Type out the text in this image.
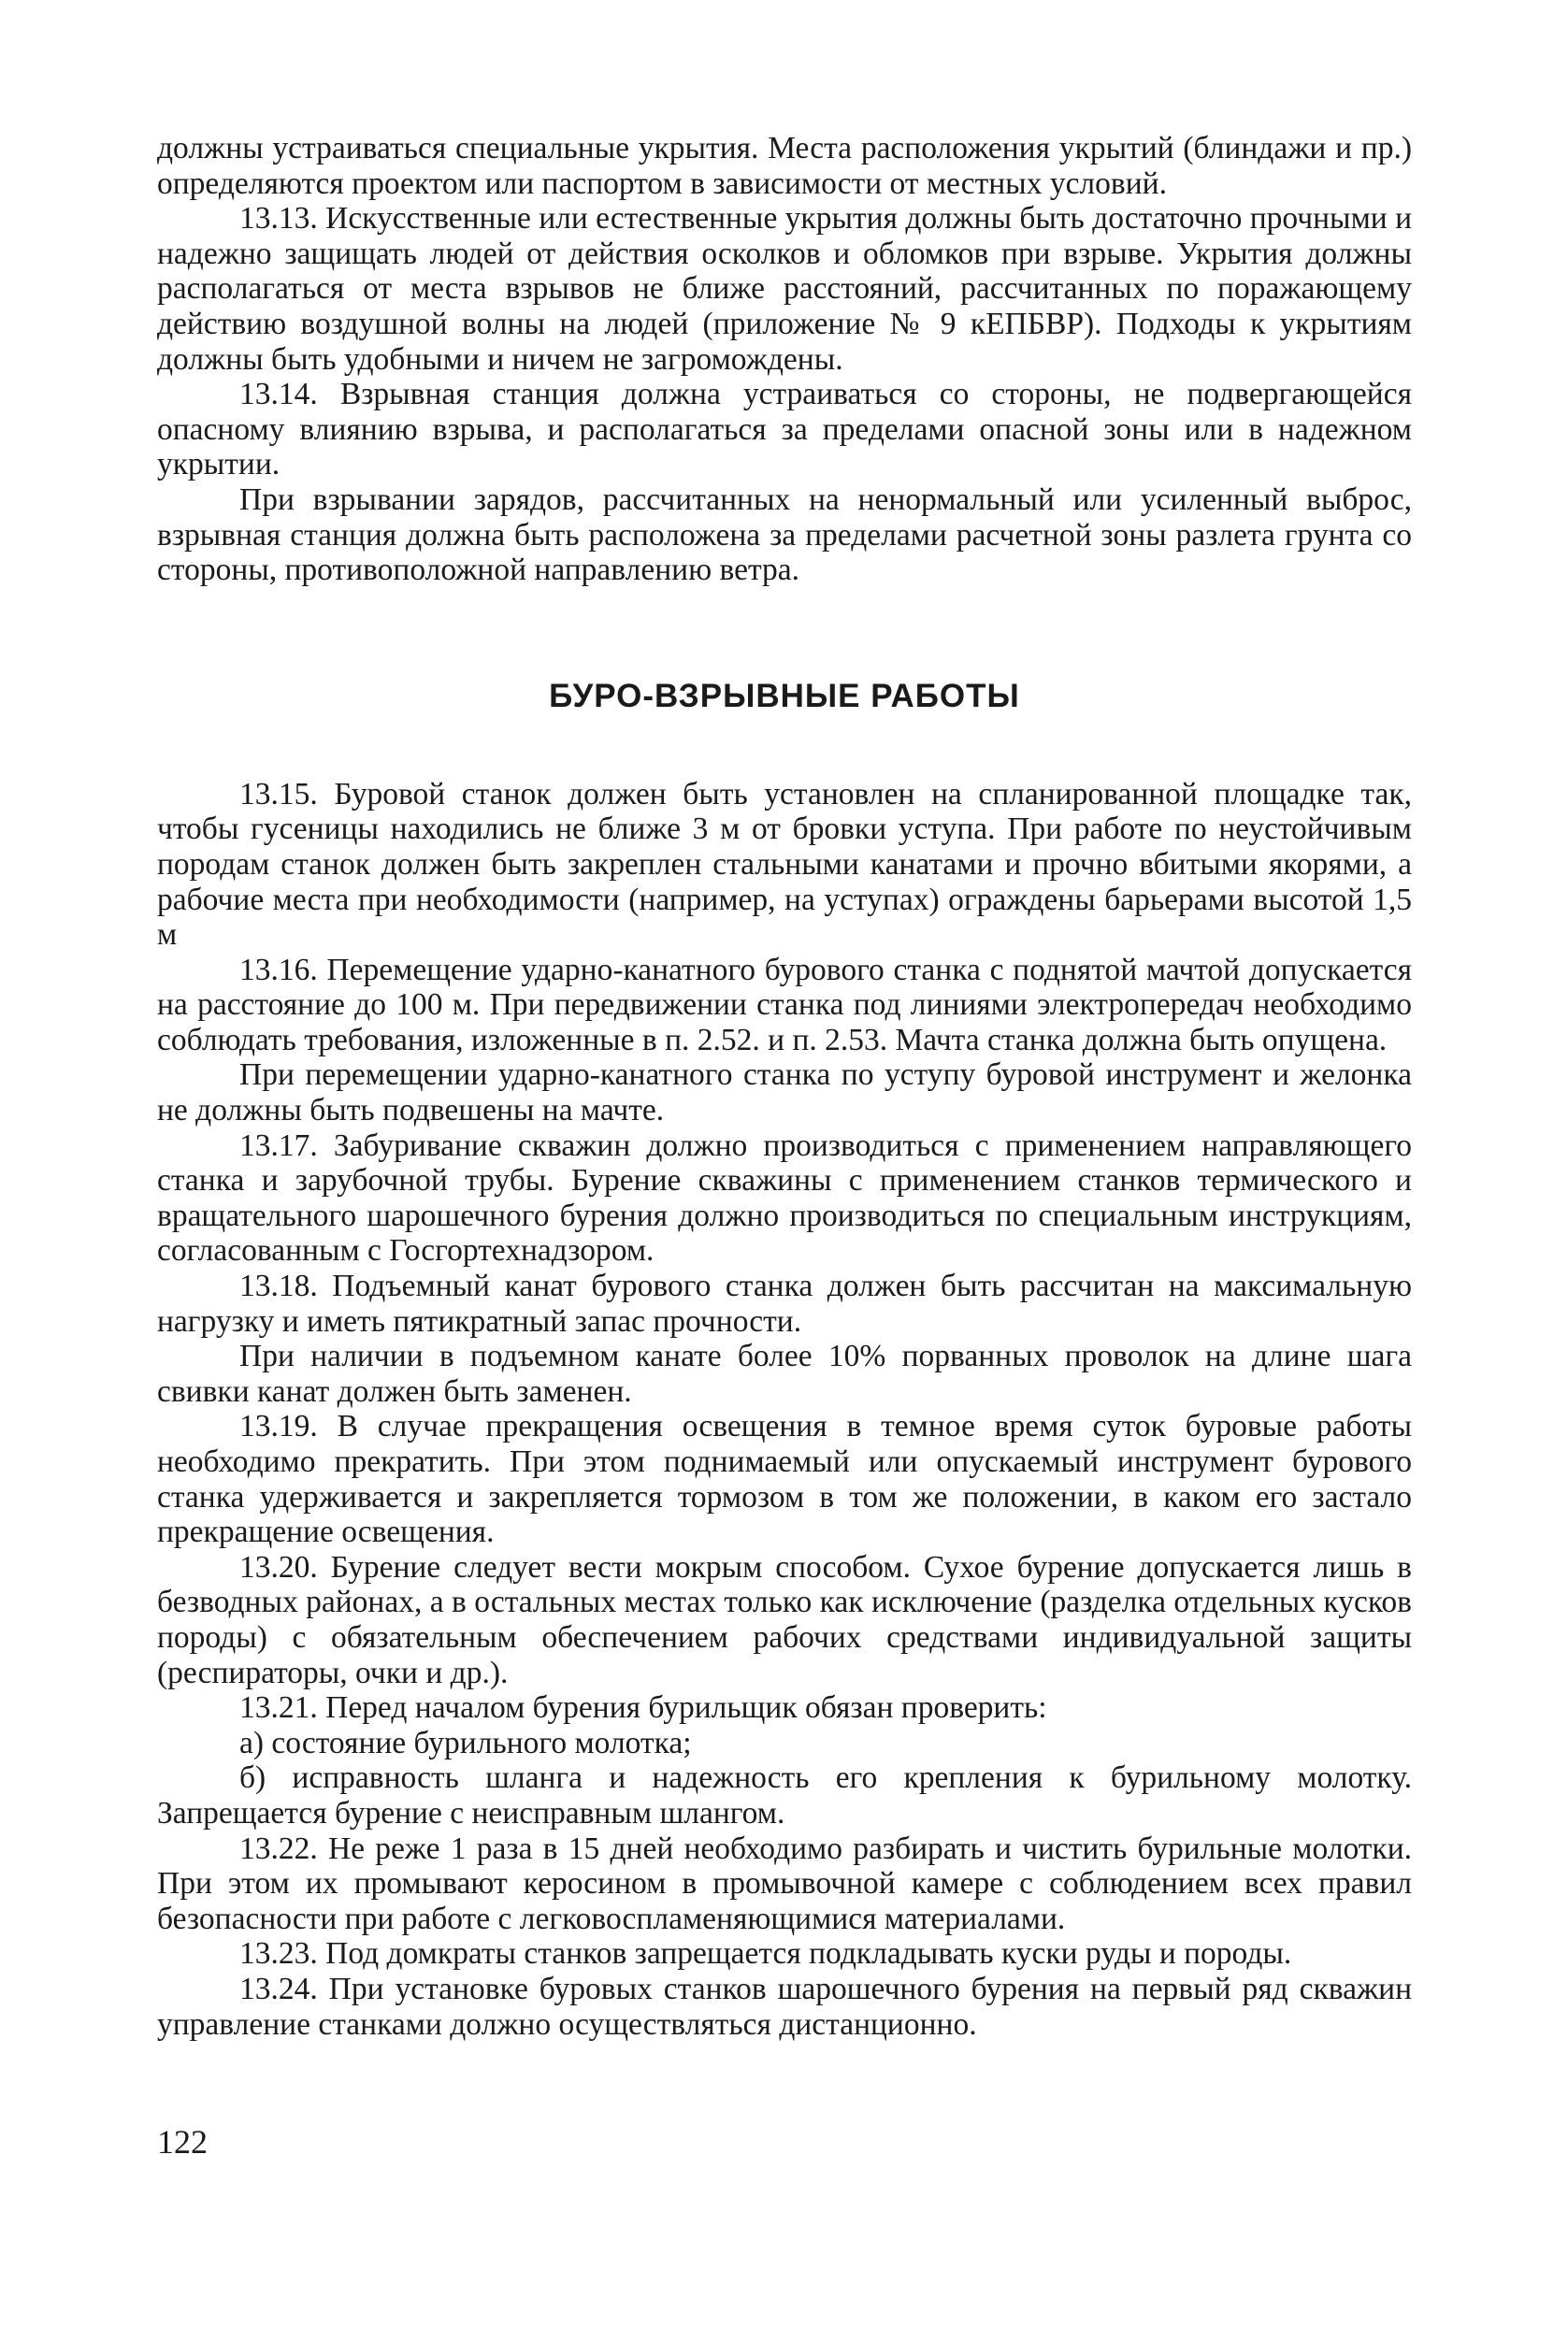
должны устраиваться специальные укрытия. Места расположения укрытий (блиндажи и пр.) определяются проектом или паспортом в зависимости от местных условий.

13.13. Искусственные или естественные укрытия должны быть достаточно прочными и надежно защищать людей от действия осколков и обломков при взрыве. Укрытия должны располагаться от места взрывов не ближе расстояний, рассчитанных по поражающему действию воздушной волны на людей (приложение № 9 кЕПБВР). Подходы к укрытиям должны быть удобными и ничем не загромождены.

13.14. Взрывная станция должна устраиваться со стороны, не подвергающейся опасному влиянию взрыва, и располагаться за пределами опасной зоны или в надежном укрытии.

При взрывании зарядов, рассчитанных на ненормальный или усиленный выброс, взрывная станция должна быть расположена за пределами расчетной зоны разлета грунта со стороны, противоположной направлению ветра.

БУРО-ВЗРЫВНЫЕ РАБОТЫ

13.15. Буровой станок должен быть установлен на спланированной площадке так, чтобы гусеницы находились не ближе 3 м от бровки уступа. При работе по неустойчивым породам станок должен быть закреплен стальными канатами и прочно вбитыми якорями, а рабочие места при необходимости (например, на уступах) ограждены барьерами высотой 1,5 м

13.16. Перемещение ударно-канатного бурового станка с поднятой мачтой допускается на расстояние до 100 м. При передвижении станка под линиями электропередач необходимо соблюдать требования, изложенные в п. 2.52. и п. 2.53. Мачта станка должна быть опущена.

При перемещении ударно-канатного станка по уступу буровой инструмент и желонка не должны быть подвешены на мачте.

13.17. Забуривание скважин должно производиться с применением направляющего станка и зарубочной трубы. Бурение скважины с применением станков термического и вращательного шарошечного бурения должно производиться по специальным инструкциям, согласованным с Госгортехнадзором.

13.18. Подъемный канат бурового станка должен быть рассчитан на максимальную нагрузку и иметь пятикратный запас прочности.

При наличии в подъемном канате более 10% порванных проволок на длине шага свивки канат должен быть заменен.

13.19. В случае прекращения освещения в темное время суток буровые работы необходимо прекратить. При этом поднимаемый или опускаемый инструмент бурового станка удерживается и закрепляется тормозом в том же положении, в каком его застало прекращение освещения.

13.20. Бурение следует вести мокрым способом. Сухое бурение допускается лишь в безводных районах, а в остальных местах только как исключение (разделка отдельных кусков породы) с обязательным обеспечением рабочих средствами индивидуальной защиты (респираторы, очки и др.).

13.21. Перед началом бурения бурильщик обязан проверить:

а) состояние бурильного молотка;

б) исправность шланга и надежность его крепления к бурильному молотку. Запрещается бурение с неисправным шлангом.

13.22. Не реже 1 раза в 15 дней необходимо разбирать и чистить бурильные молотки. При этом их промывают керосином в промывочной камере с соблюдением всех правил безопасности при работе с легковоспламеняющимися материалами.

13.23. Под домкраты станков запрещается подкладывать куски руды и породы.

13.24. При установке буровых станков шарошечного бурения на первый ряд скважин управление станками должно осуществляться дистанционно.

122
